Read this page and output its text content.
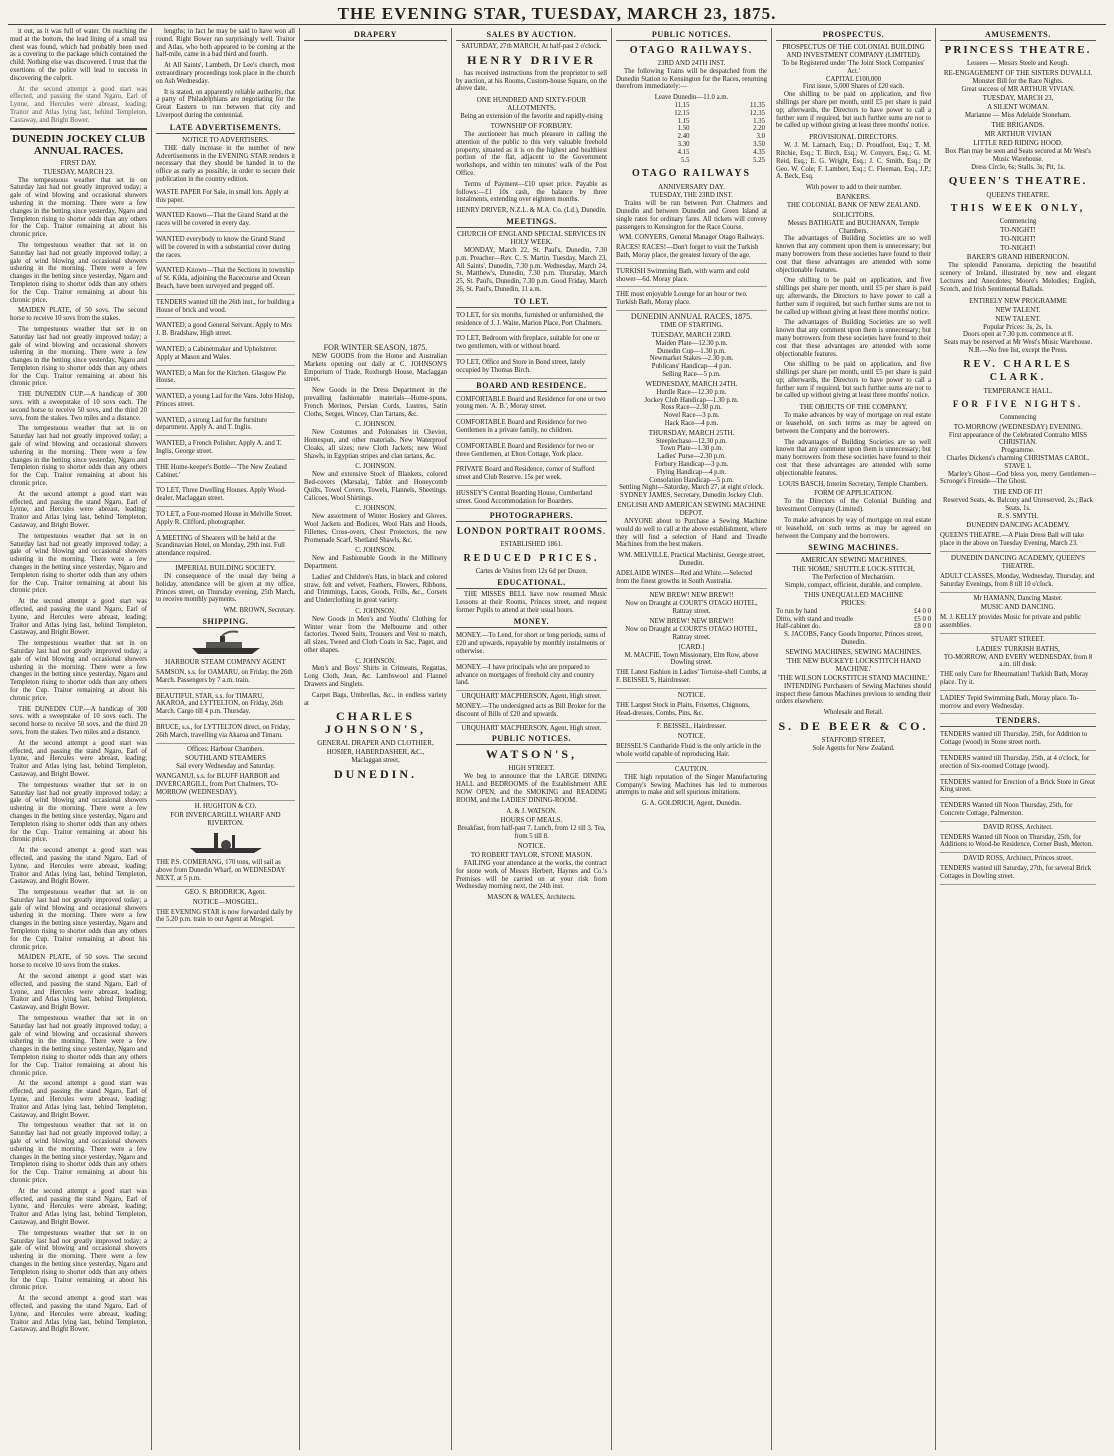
THE EVENING STAR, TUESDAY, MARCH 23, 1875.

it out, as it was full of water. On reaching the mud at the bottom, the lead lining of a small tea chest was found, which had probably been used as a covering to the package which contained the child. Nothing else was discovered. I trust that the exertions of the police will lead to success in discovering the culprit.

At the second attempt a good start was effected, and passing the stand Ngaro, Earl of Lynne, and Hercules were abreast, leading; Traitor and Atlas lying last, behind Templeton, Castaway, and Bright Bower.

DUNEDIN JOCKEY CLUB ANNUAL RACES.
FIRST DAY.
TUESDAY, MARCH 23.

The tempestuous weather that set in on Saturday last had not greatly improved today; a gale of wind blowing and occasional showers ushering in the morning. There were a few changes in the betting since yesterday, Ngaro and Templeton rising to shorter odds than any others for the Cup. Traitor remaining at about his chronic price.

The tempestuous weather that set in on Saturday last had not greatly improved today; a gale of wind blowing and occasional showers ushering in the morning. There were a few changes in the betting since yesterday, Ngaro and Templeton rising to shorter odds than any others for the Cup. Traitor remaining at about his chronic price.

MAIDEN PLATE, of 50 sovs. The second horse to receive 10 sovs from the stakes.

The tempestuous weather that set in on Saturday last had not greatly improved today; a gale of wind blowing and occasional showers ushering in the morning. There were a few changes in the betting since yesterday, Ngaro and Templeton rising to shorter odds than any others for the Cup. Traitor remaining at about his chronic price.

THE DUNEDIN CUP.—A handicap of 300 sovs. with a sweepstake of 10 sovs each. The second horse to receive 50 sovs, and the third 20 sovs, from the stakes. Two miles and a distance.

The tempestuous weather that set in on Saturday last had not greatly improved today; a gale of wind blowing and occasional showers ushering in the morning. There were a few changes in the betting since yesterday, Ngaro and Templeton rising to shorter odds than any others for the Cup. Traitor remaining at about his chronic price.

At the second attempt a good start was effected, and passing the stand Ngaro, Earl of Lynne, and Hercules were abreast, leading; Traitor and Atlas lying last, behind Templeton, Castaway, and Bright Bower.

The tempestuous weather that set in on Saturday last had not greatly improved today; a gale of wind blowing and occasional showers ushering in the morning. There were a few changes in the betting since yesterday, Ngaro and Templeton rising to shorter odds than any others for the Cup. Traitor remaining at about his chronic price.

At the second attempt a good start was effected, and passing the stand Ngaro, Earl of Lynne, and Hercules were abreast, leading; Traitor and Atlas lying last, behind Templeton, Castaway, and Bright Bower.

The tempestuous weather that set in on Saturday last had not greatly improved today; a gale of wind blowing and occasional showers ushering in the morning. There were a few changes in the betting since yesterday, Ngaro and Templeton rising to shorter odds than any others for the Cup. Traitor remaining at about his chronic price.

THE DUNEDIN CUP.—A handicap of 300 sovs. with a sweepstake of 10 sovs each. The second horse to receive 50 sovs, and the third 20 sovs, from the stakes. Two miles and a distance.

At the second attempt a good start was effected, and passing the stand Ngaro, Earl of Lynne, and Hercules were abreast, leading; Traitor and Atlas lying last, behind Templeton, Castaway, and Bright Bower.

The tempestuous weather that set in on Saturday last had not greatly improved today; a gale of wind blowing and occasional showers ushering in the morning. There were a few changes in the betting since yesterday, Ngaro and Templeton rising to shorter odds than any others for the Cup. Traitor remaining at about his chronic price.

At the second attempt a good start was effected, and passing the stand Ngaro, Earl of Lynne, and Hercules were abreast, leading; Traitor and Atlas lying last, behind Templeton, Castaway, and Bright Bower.

The tempestuous weather that set in on Saturday last had not greatly improved today; a gale of wind blowing and occasional showers ushering in the morning. There were a few changes in the betting since yesterday, Ngaro and Templeton rising to shorter odds than any others for the Cup. Traitor remaining at about his chronic price.

MAIDEN PLATE, of 50 sovs. The second horse to receive 10 sovs from the stakes.

At the second attempt a good start was effected, and passing the stand Ngaro, Earl of Lynne, and Hercules were abreast, leading; Traitor and Atlas lying last, behind Templeton, Castaway, and Bright Bower.

The tempestuous weather that set in on Saturday last had not greatly improved today; a gale of wind blowing and occasional showers ushering in the morning. There were a few changes in the betting since yesterday, Ngaro and Templeton rising to shorter odds than any others for the Cup. Traitor remaining at about his chronic price.

At the second attempt a good start was effected, and passing the stand Ngaro, Earl of Lynne, and Hercules were abreast, leading; Traitor and Atlas lying last, behind Templeton, Castaway, and Bright Bower.

The tempestuous weather that set in on Saturday last had not greatly improved today; a gale of wind blowing and occasional showers ushering in the morning. There were a few changes in the betting since yesterday, Ngaro and Templeton rising to shorter odds than any others for the Cup. Traitor remaining at about his chronic price.

At the second attempt a good start was effected, and passing the stand Ngaro, Earl of Lynne, and Hercules were abreast, leading; Traitor and Atlas lying last, behind Templeton, Castaway, and Bright Bower.

The tempestuous weather that set in on Saturday last had not greatly improved today; a gale of wind blowing and occasional showers ushering in the morning. There were a few changes in the betting since yesterday, Ngaro and Templeton rising to shorter odds than any others for the Cup. Traitor remaining at about his chronic price.

At the second attempt a good start was effected, and passing the stand Ngaro, Earl of Lynne, and Hercules were abreast, leading; Traitor and Atlas lying last, behind Templeton, Castaway, and Bright Bower.

lengths; in fact he may be said to have won all round. Right Bower ran surprisingly well. Traitor and Atlas, who both appeared to be coming at the half-mile, came in a bad third and fourth.

At All Saints', Lambeth, Dr Lee's church, most extraordinary proceedings took place in the church on Ash Wednesday.

It is stated, on apparently reliable authority, that a party of Philadelphians are negotiating for the Great Eastern to run between that city and Liverpool during the centennial.

LATE ADVERTISEMENTS.
NOTICE TO ADVERTISERS.

THE daily increase in the number of new Advertisements in the EVENING STAR renders it necessary that they should be handed in to the office as early as possible, in order to secure their publication in the country edition.

WASTE PAPER For Sale, in small lots. Apply at this paper.
WANTED Known—That the Grand Stand at the races will be covered in every day.
WANTED everybody to know the Grand Stand will be covered in with a substantial cover during the races.
WANTED Known—That the Sections in township of St. Kilda, adjoining the Racecourse and Ocean Beach, have been surveyed and pegged off.
TENDERS wanted till the 26th inst., for building a House of brick and wood.
WANTED, a good General Servant. Apply to Mrs J. B. Bradshaw, High street.
WANTED, a Cabinetmaker and Upholsterer. Apply at Mason and Wales.
WANTED, a Man for the Kitchen. Glasgow Pie House.
WANTED, a young Lad for the Vans. John Hislop, Princes street.
WANTED, a strong Lad for the furniture department. Apply A. and T. Inglis.
WANTED, a French Polisher. Apply A. and T. Inglis, George street.
THE Home-keeper's Bottle—'The New Zealand Cabinet.'
TO LET, Three Dwelling Houses. Apply Wood-dealer, Maclaggan street.
TO LET, a Four-roomed House in Melville Street. Apply R. Clifford, photographer.
A MEETING of Shearers will be held at the Scandinavian Hotel, on Monday, 29th inst. Full attendance required.
IMPERIAL BUILDING SOCIETY.

IN consequence of the usual day being a holiday, attendance will be given at my office, Princes street, on Thursday evening, 25th March, to receive monthly payments.

WM. BROWN, Secretary.
SHIPPING.
HARBOUR STEAM COMPANY AGENT
SAMSON, s.s. for OAMARU, on Friday, the 26th March. Passengers by 7 a.m. train.
BEAUTIFUL STAR, s.s. for TIMARU, AKAROA, and LYTTELTON, on Friday, 26th March. Cargo till 4 p.m. Thursday.
BRUCE, s.s., for LYTTELTON direct, on Friday, 26th March, travelling via Akaroa and Timaru.
Offices: Harbour Chambers.
SOUTHLAND STEAMERS
Sail every Wednesday and Saturday.
WANGANUI, s.s. for BLUFF HARBOR and INVERCARGILL, from Port Chalmers, TO-MORROW (WEDNESDAY).
H. HUGHTON & CO.
FOR INVERCARGILL WHARF AND RIVERTON.
THE P.S. COMERANG, 170 tons, will sail as above from Dunedin Wharf, on WEDNESDAY NEXT, at 5 p.m.
GEO. S. BRODRICK, Agent.
NOTICE—MOSGIEL.
THE EVENING STAR is now forwarded daily by the 5.20 p.m. train to our Agent at Mosgiel.
DRAPERY
FOR WINTER SEASON, 1875.

NEW GOODS from the Home and Australian Markets opening out daily at C. JOHNSON'S Emporium of Trade, Roxburgh House, Maclaggan street.

New Goods in the Dress Department in the prevailing fashionable materials—Home-spuns, French Merinos, Persian Cords, Lustres, Satin Cloths, Serges, Wincey, Clan Tartans, &c.

C. JOHNSON.

New Costumes and Polonaises in Cheviot, Homespun, and other materials. New Waterproof Cloaks, all sizes; new Cloth Jackets; new Wool Shawls, in Egyptian stripes and clan tartans, &c.

C. JOHNSON.

New and extensive Stock of Blankets, colored Bed-covers (Marsala), Tablet and Honeycomb Quilts, Towel Covers, Towels, Flannels, Sheetings, Calicoes, Wool Shirtings.

C. JOHNSON.

New assortment of Winter Hosiery and Gloves, Wool Jackets and Bodices, Wool Hats and Hoods, Fillettes, Cross-overs, Chest Protectors, the new Promenade Scarf, Shetland Shawls, &c.

C. JOHNSON.

New and Fashionable Goods in the Millinery Department.

Ladies' and Children's Hats, in black and colored straw, felt and velvet, Feathers, Flowers, Ribbons, and Trimmings, Laces, Goods, Frills, &c., Corsets and Underclothing in great variety.

C. JOHNSON.

New Goods in Men's and Youths' Clothing for Winter wear from the Melbourne and other factories. Tweed Suits, Trousers and Vest to match, all sizes, Tweed and Cloth Coats in Sac, Paget, and other shapes.

C. JOHNSON.

Men's and Boys' Shirts in Crimeans, Regattas, Long Cloth, Jean, &c. Lambswool and Flannel Drawers and Singlets.

Carpet Bags, Umbrellas, &c., in endless variety at

CHARLES JOHNSON'S,
GENERAL DRAPER AND CLOTHIER,
HOSIER, HABERDASHER, &C.,
Maclaggan street,
DUNEDIN.
SALES BY AUCTION.
SATURDAY, 27th MARCH, At half-past 2 o'clock.
HENRY DRIVER

has received instructions from the proprietor to sell by auction, at his Rooms, Custom-house Square, on the above date,

ONE HUNDRED AND SIXTY-FOUR ALLOTMENTS,
Being an extension of the favorite and rapidly-rising
TOWNSHIP OF FORBURY.

The auctioneer has much pleasure in calling the attention of the public to this very valuable freehold property, situated as it is on the highest and healthiest portion of the flat, adjacent to the Government workshops, and within ten minutes' walk of the Post Office.

Terms of Payment—£10 upset price. Payable as follows:—£1 10s cash, the balance by three instalments, extending over eighteen months.

HENRY DRIVER, N.Z.L. & M.A. Co. (Ld.), Dunedin.
MEETINGS.
CHURCH OF ENGLAND SPECIAL SERVICES IN HOLY WEEK.

MONDAY, March 22, St. Paul's, Dunedin, 7.30 p.m. Preacher—Rev. C. S. Martin. Tuesday, March 23, All Saints', Dunedin, 7.30 p.m. Wednesday, March 24, St. Matthew's, Dunedin, 7.30 p.m. Thursday, March 25, St. Paul's, Dunedin, 7.30 p.m. Good Friday, March 26, St. Paul's, Dunedin, 11 a.m.

TO LET.
TO LET, for six months, furnished or unfurnished, the residence of J. J. Waite, Marion Place, Port Chalmers.
TO LET, Bedroom with fireplace, suitable for one or two gentlemen, with or without board.
TO LET, Office and Store in Bond street, lately occupied by Thomas Birch.
BOARD AND RESIDENCE.
COMFORTABLE Board and Residence for one or two young men. 'A. B.', Moray street.
COMFORTABLE Board and Residence for two Gentlemen in a private family, no children.
COMFORTABLE Board and Residence for two or three Gentlemen, at Elton Cottage, York place.
PRIVATE Board and Residence, corner of Stafford street and Club Reserve. 15s per week.
HUSSEY'S Central Boarding House, Cumberland street. Good Accommodation for Boarders.
PHOTOGRAPHERS.
LONDON PORTRAIT ROOMS.
ESTABLISHED 1861.
REDUCED PRICES.
Cartes de Visites from 12s 6d per Dozen.
EDUCATIONAL.

THE MISSES BELL have now resumed Music Lessons at their Rooms, Princes street, and request former Pupils to attend at their usual hours.

MONEY.
MONEY.—To Lend, for short or long periods, sums of £20 and upwards, repayable by monthly instalments or otherwise.
MONEY.—I have principals who are prepared to advance on mortgages of freehold city and country land.
URQUHART MACPHERSON, Agent, High street.
MONEY.—The undersigned acts as Bill Broker for the discount of Bills of £20 and upwards.
URQUHART MACPHERSON, Agent, High street.
PUBLIC NOTICES.
WATSON'S,
HIGH STREET.

We beg to announce that the LARGE DINING HALL and BEDROOMS of the Establishment ARE NOW OPEN, and the SMOKING and READING ROOM, and the LADIES' DINING-ROOM.

A. & J. WATSON.
HOURS OF MEALS.
Breakfast, from half-past 7. Lunch, from 12 till 3. Tea, from 5 till 8.
NOTICE.
TO ROBERT TAYLOR, STONE MASON.

FAILING your attendance at the works, the contract for stone work of Messrs Herbert, Haynes and Co.'s Premises will be carried on at your risk from Wednesday morning next, the 24th inst.

MASON & WALES, Architects.
PUBLIC NOTICES.
OTAGO RAILWAYS.
23RD AND 24TH INST.

The following Trains will be despatched from the Dunedin Station to Kensington for the Races, returning therefrom immediately:—

Leave Dunedin—11.0 a.m.
11.15	11.35
12.15	12.35
1.15	1.35
1.50	2.20
2.40	3.0
3.30	3.50
4.15	4.35
5.5	5.25
OTAGO RAILWAYS
ANNIVERSARY DAY.
TUESDAY, THE 23RD INST.

Trains will be run between Port Chalmers and Dunedin and between Dunedin and Green Island at single rates for ordinary fares. All tickets will convey passengers to Kensington for the Race Course.

WM. CONYERS, General Manager Otago Railways.
RACES! RACES!—Don't forget to visit the Turkish Bath, Moray place, the greatest luxury of the age.
TURKISH Swimming Bath, with warm and cold shower—6d. Moray place.
THE most enjoyable Lounge for an hour or two. Turkish Bath, Moray place.
DUNEDIN ANNUAL RACES, 1875.
TIME OF STARTING.
TUESDAY, MARCH 23RD.
Maiden Plate—12.30 p.m.
Dunedin Cup—1.30 p.m.
Newmarket Stakes—2.30 p.m.
Publicans' Handicap—4 p.m.
Selling Race—5 p.m.
WEDNESDAY, MARCH 24TH.
Hurdle Race—12.30 p.m.
Jockey Club Handicap—1.30 p.m.
Ross Race—2.30 p.m.
Novel Race—3 p.m.
Hack Race—4 p.m.
THURSDAY, MARCH 25TH.
Steeplechase—12.30 p.m.
Town Plate—1.30 p.m.
Ladies' Purse—2.30 p.m.
Forbury Handicap—3 p.m.
Flying Handicap—4 p.m.
Consolation Handicap—5 p.m.
Settling Night—Saturday, March 27, at eight o'clock.
SYDNEY JAMES, Secretary, Dunedin Jockey Club.
ENGLISH AND AMERICAN SEWING MACHINE DEPOT.

ANYONE about to Purchase a Sewing Machine would do well to call at the above establishment, where they will find a selection of Hand and Treadle Machines from the best makers.

WM. MELVILLE, Practical Machinist, George street, Dunedin.
ADELAIDE WINES—Red and White.—Selected from the finest growths in South Australia.
NEW BREW! NEW BREW!!
Now on Draught at COURT'S OTAGO HOTEL, Rattray street.
NEW BREW! NEW BREW!!
Now on Draught at COURT'S OTAGO HOTEL, Rattray street.
[CARD.]
M. MACFIE, Town Missionary, Elm Row, above Dowling street.
THE Latest Fashion in Ladies' Tortoise-shell Combs, at F. BEISSEL'S, Hairdresser.
NOTICE.
THE Largest Stock in Plaits, Frisettes, Chignons, Head-dresses, Combs, Pins, &c.
F. BEISSEL, Hairdresser.
NOTICE.
BEISSEL'S Cantharide Fluid is the only article in the whole world capable of reproducing Hair.
CAUTION.

THE high reputation of the Singer Manufacturing Company's Sewing Machines has led to numerous attempts to make and sell spurious imitations.

G. A. GOLDRICH, Agent, Dunedin.
PROSPECTUS.
PROSPECTUS OF THE COLONIAL BUILDING AND INVESTMENT COMPANY (LIMITED).
To be Registered under 'The Joint Stock Companies' Act.'
CAPITAL £100,000
First issue, 5,000 Shares of £20 each.

One shilling to be paid on application, and five shillings per share per month, until £5 per share is paid up; afterwards, the Directors to have power to call a further sum if required, but such further sums are not to be called up without giving at least three months' notice.

PROVISIONAL DIRECTORS.

W. J. M. Larnach, Esq.; D. Proudfoot, Esq.; T. M. Ritchie, Esq.; T. Birch, Esq.; W. Conyers, Esq.; G. M. Reid, Esq.; E. G. Wright, Esq.; J. C. Smith, Esq.; Dr Geo. W. Cole; F. Lambert, Esq.; C. Fleeman, Esq., J.P.; A. Beck, Esq.

With power to add to their number.
BANKERS.
THE COLONIAL BANK OF NEW ZEALAND.
SOLICITORS.
Messrs BATHGATE and BUCHANAN, Temple Chambers.

The advantages of Building Societies are so well known that any comment upon them is unnecessary; but many borrowers from these societies have found to their cost that these advantages are attended with some objectionable features.

One shilling to be paid on application, and five shillings per share per month, until £5 per share is paid up; afterwards, the Directors to have power to call a further sum if required, but such further sums are not to be called up without giving at least three months' notice.

The advantages of Building Societies are so well known that any comment upon them is unnecessary; but many borrowers from these societies have found to their cost that these advantages are attended with some objectionable features.

One shilling to be paid on application, and five shillings per share per month, until £5 per share is paid up; afterwards, the Directors to have power to call a further sum if required, but such further sums are not to be called up without giving at least three months' notice.

THE OBJECTS OF THE COMPANY.

To make advances by way of mortgage on real estate or leasehold, on such terms as may be agreed on between the Company and the borrowers.

The advantages of Building Societies are so well known that any comment upon them is unnecessary; but many borrowers from these societies have found to their cost that these advantages are attended with some objectionable features.

LOUIS BASCH, Interim Secretary, Temple Chambers.
FORM OF APPLICATION.

To the Directors of the Colonial Building and Investment Company (Limited).

To make advances by way of mortgage on real estate or leasehold, on such terms as may be agreed on between the Company and the borrowers.

SEWING MACHINES.
AMERICAN SEWING MACHINES.
THE 'HOME,' SHUTTLE LOCK-STITCH,
The Perfection of Mechanism.
Simple, compact, efficient, durable, and complete.
THIS UNEQUALLED MACHINE
PRICES:
To run by hand	£4 0 0
Ditto, with stand and treadle	£5 0 0
Half-cabinet do.	£8 0 0
S. JACOBS, Fancy Goods Importer, Princes street, Dunedin.
SEWING MACHINES, SEWING MACHINES.
'THE NEW BUCKEYE LOCKSTITCH HAND MACHINE.'
'THE WILSON LOCKSTITCH STAND MACHINE.'

INTENDING Purchasers of Sewing Machines should inspect these famous Machines previous to sending their orders elsewhere.

Wholesale and Retail.
S. DE BEER & CO.
STAFFORD STREET,
Sole Agents for New Zealand.
AMUSEMENTS.
PRINCESS THEATRE.
Lessees — Messrs Steele and Keogh.
RE-ENGAGEMENT OF THE SISTERS DUVALLI.
Monster Bill for the Race Nights.
Great success of MR ARTHUR VIVIAN.
TUESDAY, MARCH 23,
A SILENT WOMAN.
Marianne — Miss Adelaide Stoneham.
THE BRIGANDS.
MR ARTHUR VIVIAN
LITTLE RED RIDING HOOD.
Box Plan may be seen and Seats secured at Mr West's Music Warehouse.
Dress Circle, 6s; Stalls, 3s; Pit, 1s.
QUEEN'S THEATRE.
QUEEN'S THEATRE.
THIS WEEK ONLY,
Commencing
TO-NIGHT!
TO-NIGHT!
TO-NIGHT!
BAKER'S GRAND HIBERNICON.

The splendid Panorama, depicting the beautiful scenery of Ireland, illustrated by new and elegant Lectures and Anecdotes; Moore's Melodies; English, Scotch, and Irish Sentimental Ballads.

ENTIRELY NEW PROGRAMME
NEW TALENT.
NEW TALENT.
Popular Prices: 3s, 2s, 1s.
Doors open at 7.30 p.m. commence at 8.
Seats may be reserved at Mr West's Music Warehouse.
N.B.—No free list, except the Press.
REV. CHARLES CLARK.
TEMPERANCE HALL.
FOR FIVE NIGHTS.
Commencing
TO-MORROW (WEDNESDAY) EVENING.
First appearance of the Celebrated Contralto MISS CHRISTIAN.
Programme.
Charles Dickens's charming CHRISTMAS CAROL.
STAVE 1.

Marley's Ghost—God bless you, merry Gentlemen—Scrooge's Fireside—The Ghost.

THE END OF IT!
Reserved Seats, 4s. Balcony and Unreserved, 2s.; Back Seats, 1s.
R. S. SMYTH.
DUNEDIN DANCING ACADEMY.
QUEEN'S THEATRE.—A Plain Dress Ball will take place in the above on Tuesday Evening, March 23.
DUNEDIN DANCING ACADEMY, QUEEN'S THEATRE.
ADULT CLASSES, Monday, Wednesday, Thursday, and Saturday Evenings, from 8 till 10 o'clock.
Mr HAMANN, Dancing Master.
MUSIC AND DANCING.
M. J. KELLY provides Music for private and public assemblies.
STUART STREET.
LADIES' TURKISH BATHS,
TO-MORROW, AND EVERY WEDNESDAY, from 8 a.m. till dusk.
THE only Cure for Rheumatism! Turkish Bath, Moray place. Try it.
LADIES' Tepid Swimming Bath, Moray place. To-morrow and every Wednesday.
TENDERS.
TENDERS wanted till Thursday, 25th, for Addition to Cottage (wood) in Stone street north.
TENDERS wanted till Thursday, 25th, at 4 o'clock, for erection of Six-roomed Cottage (wood).
TENDERS wanted for Erection of a Brick Store in Great King street.
TENDERS Wanted till Noon Thursday, 25th, for Concrete Cottage, Palmerston.
DAVID ROSS, Architect.
TENDERS Wanted till Noon on Thursday, 25th, for Additions to Wood-be Residence, Corner Bush, Merton.
DAVID ROSS, Architect, Princes street.
TENDERS wanted till Saturday, 27th, for several Brick Cottages in Dowling street.
